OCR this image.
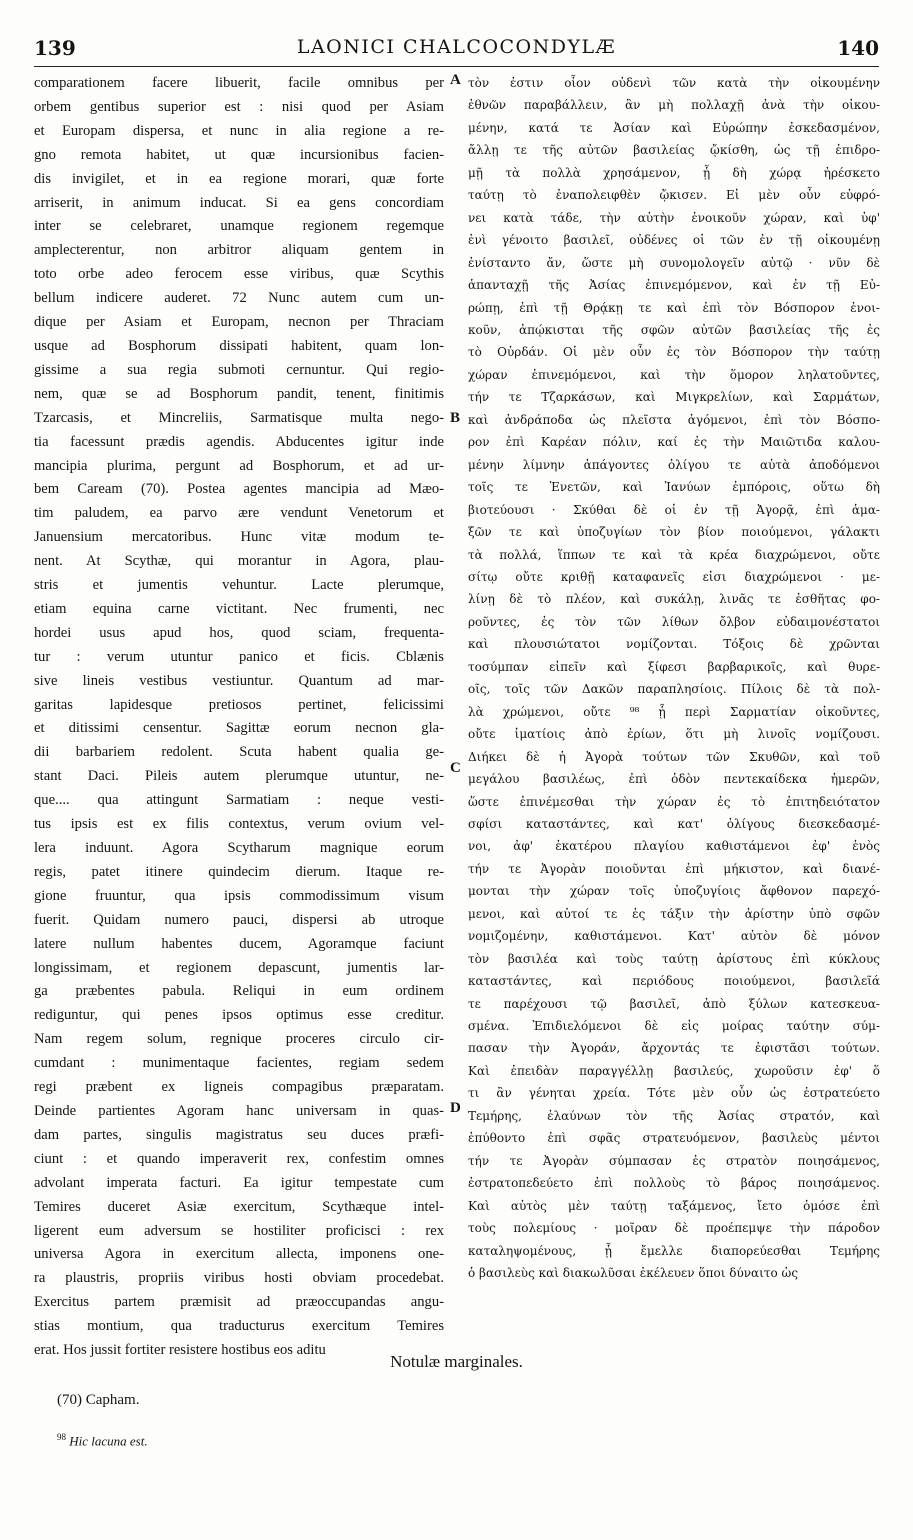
139	LAONICI CHALCOCONDYLÆ	140
comparationem facere libuerit, facile omnibus per
orbem gentibus superior est : nisi quod per Asiam
et Europam dispersa, et nunc in alia regione a re-
gno remota habitet, ut quæ incursionibus facien-
dis invigilet, et in ea regione morari, quæ forte
arriserit, in animum inducat. Si ea gens concordiam
inter se celebraret, unamque regionem regemque
amplecterentur, non arbitror aliquam gentem in
toto orbe adeo ferocem esse viribus, quæ Scythis
bellum indicere auderet. 72 Nunc autem cum un-
dique per Asiam et Europam, necnon per Thraciam
usque ad Bosphorum dissipati habitent, quam lon-
gissime a sua regia submoti cernuntur. Qui regio-
nem, quæ se ad Bosphorum pandit, tenent, finitimis
Tzarcasis, et Mincreliis, Sarmatisque multa nego-
tia facessunt prædis agendis. Abducentes igitur inde
mancipia plurima, pergunt ad Bosphorum, et ad ur-
bem Caream (70). Postea agentes mancipia ad Mæo-
tim paludem, ea parvo ære vendunt Venetorum et
Januensium mercatoribus. Hunc vitæ modum te-
nent. At Scythæ, qui morantur in Agora, plau-
stris et jumentis vehuntur. Lacte plerumque,
etiam equina carne victitant. Nec frumenti, nec
hordei usus apud hos, quod sciam, frequenta-
tur : verum utuntur panico et ficis. Cblænis
sive lineis vestibus vestiuntur. Quantum ad mar-
garitas lapidesque pretiosos pertinet, felicissimi
et ditissimi censentur. Sagittæ eorum necnon gla-
dii barbariem redolent. Scuta habent qualia ge-
stant Daci. Pileis autem plerumque utuntur, ne-
que.... qua attingunt Sarmatiam : neque vesti-
tus ipsis est ex filis contextus, verum ovium vel-
lera induunt. Agora Scytharum magnique eorum
regis, patet itinere quindecim dierum. Itaque re-
gione fruuntur, qua ipsis commodissimum visum
fuerit. Quidam numero pauci, dispersi ab utroque
latere nullum habentes ducem, Agoramque faciunt
longissimam, et regionem depascunt, jumentis lar-
ga præbentes pabula. Reliqui in eum ordinem
rediguntur, qui penes ipsos optimus esse creditur.
Nam regem solum, regnique proceres circulo cir-
cumdant : munimentaque facientes, regiam sedem
regi præbent ex ligneis compagibus præparatam.
Deinde partientes Agoram hanc universam in quas-
dam partes, singulis magistratus seu duces præfi-
ciunt : et quando imperaverit rex, confestim omnes
advolant imperata facturi. Ea igitur tempestate cum
Temires duceret Asiæ exercitum, Scythæque intel-
ligerent eum adversum se hostiliter proficisci : rex
universa Agora in exercitum allecta, imponens one-
ra plaustris, propriis viribus hosti obviam procedebat.
Exercitus partem præmisit ad præoccupandas angu-
stias montium, qua traducturus exercitum Temires
erat. Hos jussit fortiter resistere hostibus eos aditu
A
B
C
D
τὸν ἐστιν οἷον οὐδενὶ τῶν κατὰ τὴν οἰκουμένην
ἐθνῶν παραβάλλειν, ἂν μὴ πολλαχῇ ἀνὰ τὴν οἰκου-
μένην, κατά τε Ἀσίαν καὶ Εὐρώπην ἐσκεδασμένον,
ἄλλῃ τε τῆς αὐτῶν βασιλείας ᾤκίσθη, ὡς τῇ ἐπιδρο-
μῇ τὰ πολλὰ χρησάμενον, ᾗ δὴ χώρᾳ ἠρέσκετο
ταύτῃ τὸ ἐναπολειφθὲν ᾤκισεν. Εἰ μὲν οὖν εὐφρό-
νει κατὰ τάδε, τὴν αὐτὴν ἐνοικοῦν χώραν, καὶ ὑφ'
ἑνὶ γένοιτο βασιλεῖ, οὐδένες οἱ τῶν ἐν τῇ οἰκουμένῃ
ἐνίσταντο ἄν, ὥστε μὴ συνομολογεῖν αὐτῷ · νῦν δὲ
ἁπανταχῇ τῆς Ἀσίας ἐπινεμόμενον, καὶ ἐν τῇ Εὐ-
ρώπῃ, ἐπὶ τῇ Θρᾴκῃ τε καὶ ἐπὶ τὸν Βόσπορον ἐνοι-
κοῦν, ἀπῴκισται τῆς σφῶν αὐτῶν βασιλείας τῆς ἐς
τὸ Οὐρδάν. Οἱ μὲν οὖν ἐς τὸν Βόσπορον τὴν ταύτῃ
χώραν ἐπινεμόμενοι, καὶ τὴν ὅμορον ληλατοῦντες,
τήν τε Τζαρκάσων, καὶ Μιγκρελίων, καὶ Σαρμάτων,
καὶ ἀνδράποδα ὡς πλεῖστα ἀγόμενοι, ἐπὶ τὸν Βόσπο-
ρον ἐπὶ Καρέαν πόλιν, καί ἐς τὴν Μαιῶτιδα καλου-
μένην λίμνην ἀπάγοντες ὀλίγου τε αὐτὰ ἀποδόμενοι
τοῖς τε Ἐνετῶν, καὶ Ἰανύων ἐμπόροις, οὕτω δὴ
βιοτεύουσι · Σκύθαι δὲ οἱ ἐν τῇ Ἀγορᾷ, ἐπὶ ἁμα-
ξῶν τε καὶ ὑποζυγίων τὸν βίον ποιούμενοι, γάλακτι
τὰ πολλά, ἵππων τε καὶ τὰ κρέα διαχρώμενοι, οὔτε
σίτῳ οὔτε κριθῇ καταφανεῖς εἰσι διαχρώμενοι · με-
λίνῃ δὲ τὸ πλέον, καὶ συκάλῃ, λινᾶς τε ἐσθῆτας φο-
ροῦντες, ἐς τὸν τῶν λίθων ὄλβον εὐδαιμονέστατοι
καὶ πλουσιώτατοι νομίζονται. Τόξοις δὲ χρῶνται
τοσύμπαν εἰπεῖν καὶ ξίφεσι βαρβαρικοῖς, καὶ θυρε-
οῖς, τοῖς τῶν Δακῶν παραπλησίοις. Πίλοις δὲ τὰ πολ-
λὰ χρώμενοι, οὔτε ⁹⁸ ᾗ περὶ Σαρματίαν οἰκοῦντες,
οὔτε ἱματίοις ἀπὸ ἐρίων, ὅτι μὴ λινοῖς νομίζουσι.
Διήκει δὲ ἡ Ἀγορὰ τούτων τῶν Σκυθῶν, καὶ τοῦ
μεγάλου βασιλέως, ἐπὶ ὁδὸν πεντεκαίδεκα ἡμερῶν,
ὥστε ἐπινέμεσθαι τὴν χώραν ἐς τὸ ἐπιτηδειότατον
σφίσι καταστάντες, καὶ κατ' ὀλίγους διεσκεδασμέ-
νοι, ἀφ' ἑκατέρου πλαγίου καθιστάμενοι ἐφ' ἑνὸς
τήν τε Ἀγορὰν ποιοῦνται ἐπὶ μήκιστον, καὶ διανέ-
μονται τὴν χώραν τοῖς ὑποζυγίοις ἄφθονον παρεχό-
μενοι, καὶ αὐτοί τε ἐς τάξιν τὴν ἀρίστην ὑπὸ σφῶν
νομιζομένην, καθιστάμενοι. Κατ' αὐτὸν δὲ μόνον
τὸν βασιλέα καὶ τοὺς ταύτῃ ἀρίστους ἐπὶ κύκλους
καταστάντες, καὶ περιόδους ποιούμενοι, βασιλεῖά
τε παρέχουσι τῷ βασιλεῖ, ἀπὸ ξύλων κατεσκευα-
σμένα. Ἐπιδιελόμενοι δὲ εἰς μοίρας ταύτην σύμ-
πασαν τὴν Ἀγοράν, ἄρχοντάς τε ἐφιστᾶσι τούτων.
Καὶ ἐπειδὰν παραγγέλλῃ βασιλεύς, χωροῦσιν ἐφ' ὅ
τι ἂν γένηται χρεία. Τότε μὲν οὖν ὡς ἐστρατεύετο
Τεμήρης, ἐλαύνων τὸν τῆς Ἀσίας στρατόν, καὶ
ἐπύθοντο ἐπὶ σφᾶς στρατευόμενον, βασιλεὺς μέντοι
τήν τε Ἀγορὰν σύμπασαν ἐς στρατὸν ποιησάμενος,
ἐστρατοπεδεύετο ἐπὶ πολλοὺς τὸ βάρος ποιησάμενος.
Καὶ αὐτὸς μὲν ταύτῃ ταξάμενος, ἴετο ὁμόσε ἐπὶ
τοὺς πολεμίους · μοῖραν δὲ προέπεμψε τὴν πάροδον
καταληψομένους, ᾗ ἔμελλε διαπορεύεσθαι Τεμήρης
ὁ βασιλεὺς καὶ διακωλῦσαι ἐκέλευεν ὅποι δύναιτο ὡς
Notulæ marginales.
(70) Capham.
$^{98}$ Hic lacuna est.
